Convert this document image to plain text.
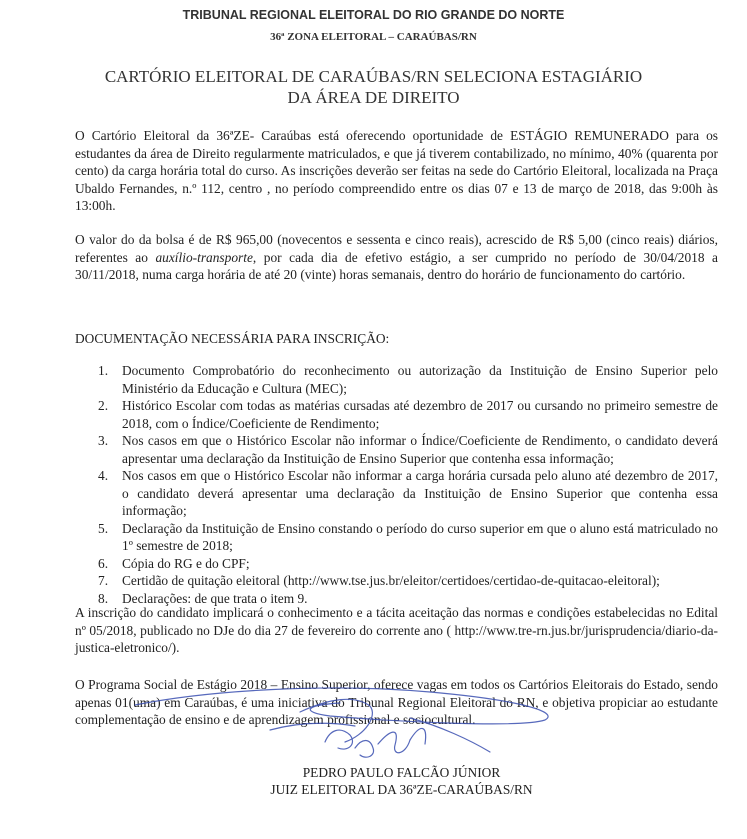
TRIBUNAL REGIONAL ELEITORAL DO RIO GRANDE DO NORTE
36ª ZONA ELEITORAL – CARAÚBAS/RN
CARTÓRIO ELEITORAL DE CARAÚBAS/RN SELECIONA ESTAGIÁRIO
DA ÁREA DE DIREITO

O Cartório Eleitoral da 36ªZE- Caraúbas está oferecendo oportunidade de ESTÁGIO REMUNERADO para os estudantes da área de Direito regularmente matriculados, e que já tiverem contabilizado, no mínimo, 40% (quarenta por cento) da carga horária total do curso. As inscrições deverão ser feitas na sede do Cartório Eleitoral, localizada na Praça Ubaldo Fernandes, n.º 112, centro , no período compreendido entre os dias 07 e 13 de março de 2018, das 9:00h às 13:00h.

O valor do da bolsa é de R$ 965,00 (novecentos e sessenta e cinco reais), acrescido de R$ 5,00 (cinco reais) diários, referentes ao auxílio-transporte, por cada dia de efetivo estágio, a ser cumprido no período de 30/04/2018 a 30/11/2018, numa carga horária de até 20 (vinte) horas semanais, dentro do horário de funcionamento do cartório.

DOCUMENTAÇÃO NECESSÁRIA PARA INSCRIÇÃO:

1. Documento Comprobatório do reconhecimento ou autorização da Instituição de Ensino Superior pelo Ministério da Educação e Cultura (MEC);
2. Histórico Escolar com todas as matérias cursadas até dezembro de 2017 ou cursando no primeiro semestre de 2018, com o Índice/Coeficiente de Rendimento;
3. Nos casos em que o Histórico Escolar não informar o Índice/Coeficiente de Rendimento, o candidato deverá apresentar uma declaração da Instituição de Ensino Superior que contenha essa informação;
4. Nos casos em que o Histórico Escolar não informar a carga horária cursada pelo aluno até dezembro de 2017, o candidato deverá apresentar uma declaração da Instituição de Ensino Superior que contenha essa informação;
5. Declaração da Instituição de Ensino constando o período do curso superior em que o aluno está matriculado no 1º semestre de 2018;
6. Cópia do RG e do CPF;
7. Certidão de quitação eleitoral (http://www.tse.jus.br/eleitor/certidoes/certidao-de-quitacao-eleitoral);
8. Declarações: de que trata o item 9.

A inscrição do candidato implicará o conhecimento e a tácita aceitação das normas e condições estabelecidas no Edital nº 05/2018, publicado no DJe do dia 27 de fevereiro do corrente ano ( http://www.tre-rn.jus.br/jurisprudencia/diario-da-justica-eletronico/).

O Programa Social de Estágio 2018 – Ensino Superior, oferece vagas em todos os Cartórios Eleitorais do Estado, sendo apenas 01(uma) em Caraúbas, é uma iniciativa do Tribunal Regional Eleitoral do RN, e objetiva propiciar ao estudante complementação de ensino e de aprendizagem profissional e sociocultural.

PEDRO PAULO FALCÃO JÚNIOR

JUIZ ELEITORAL DA 36ªZE-CARAÚBAS/RN
